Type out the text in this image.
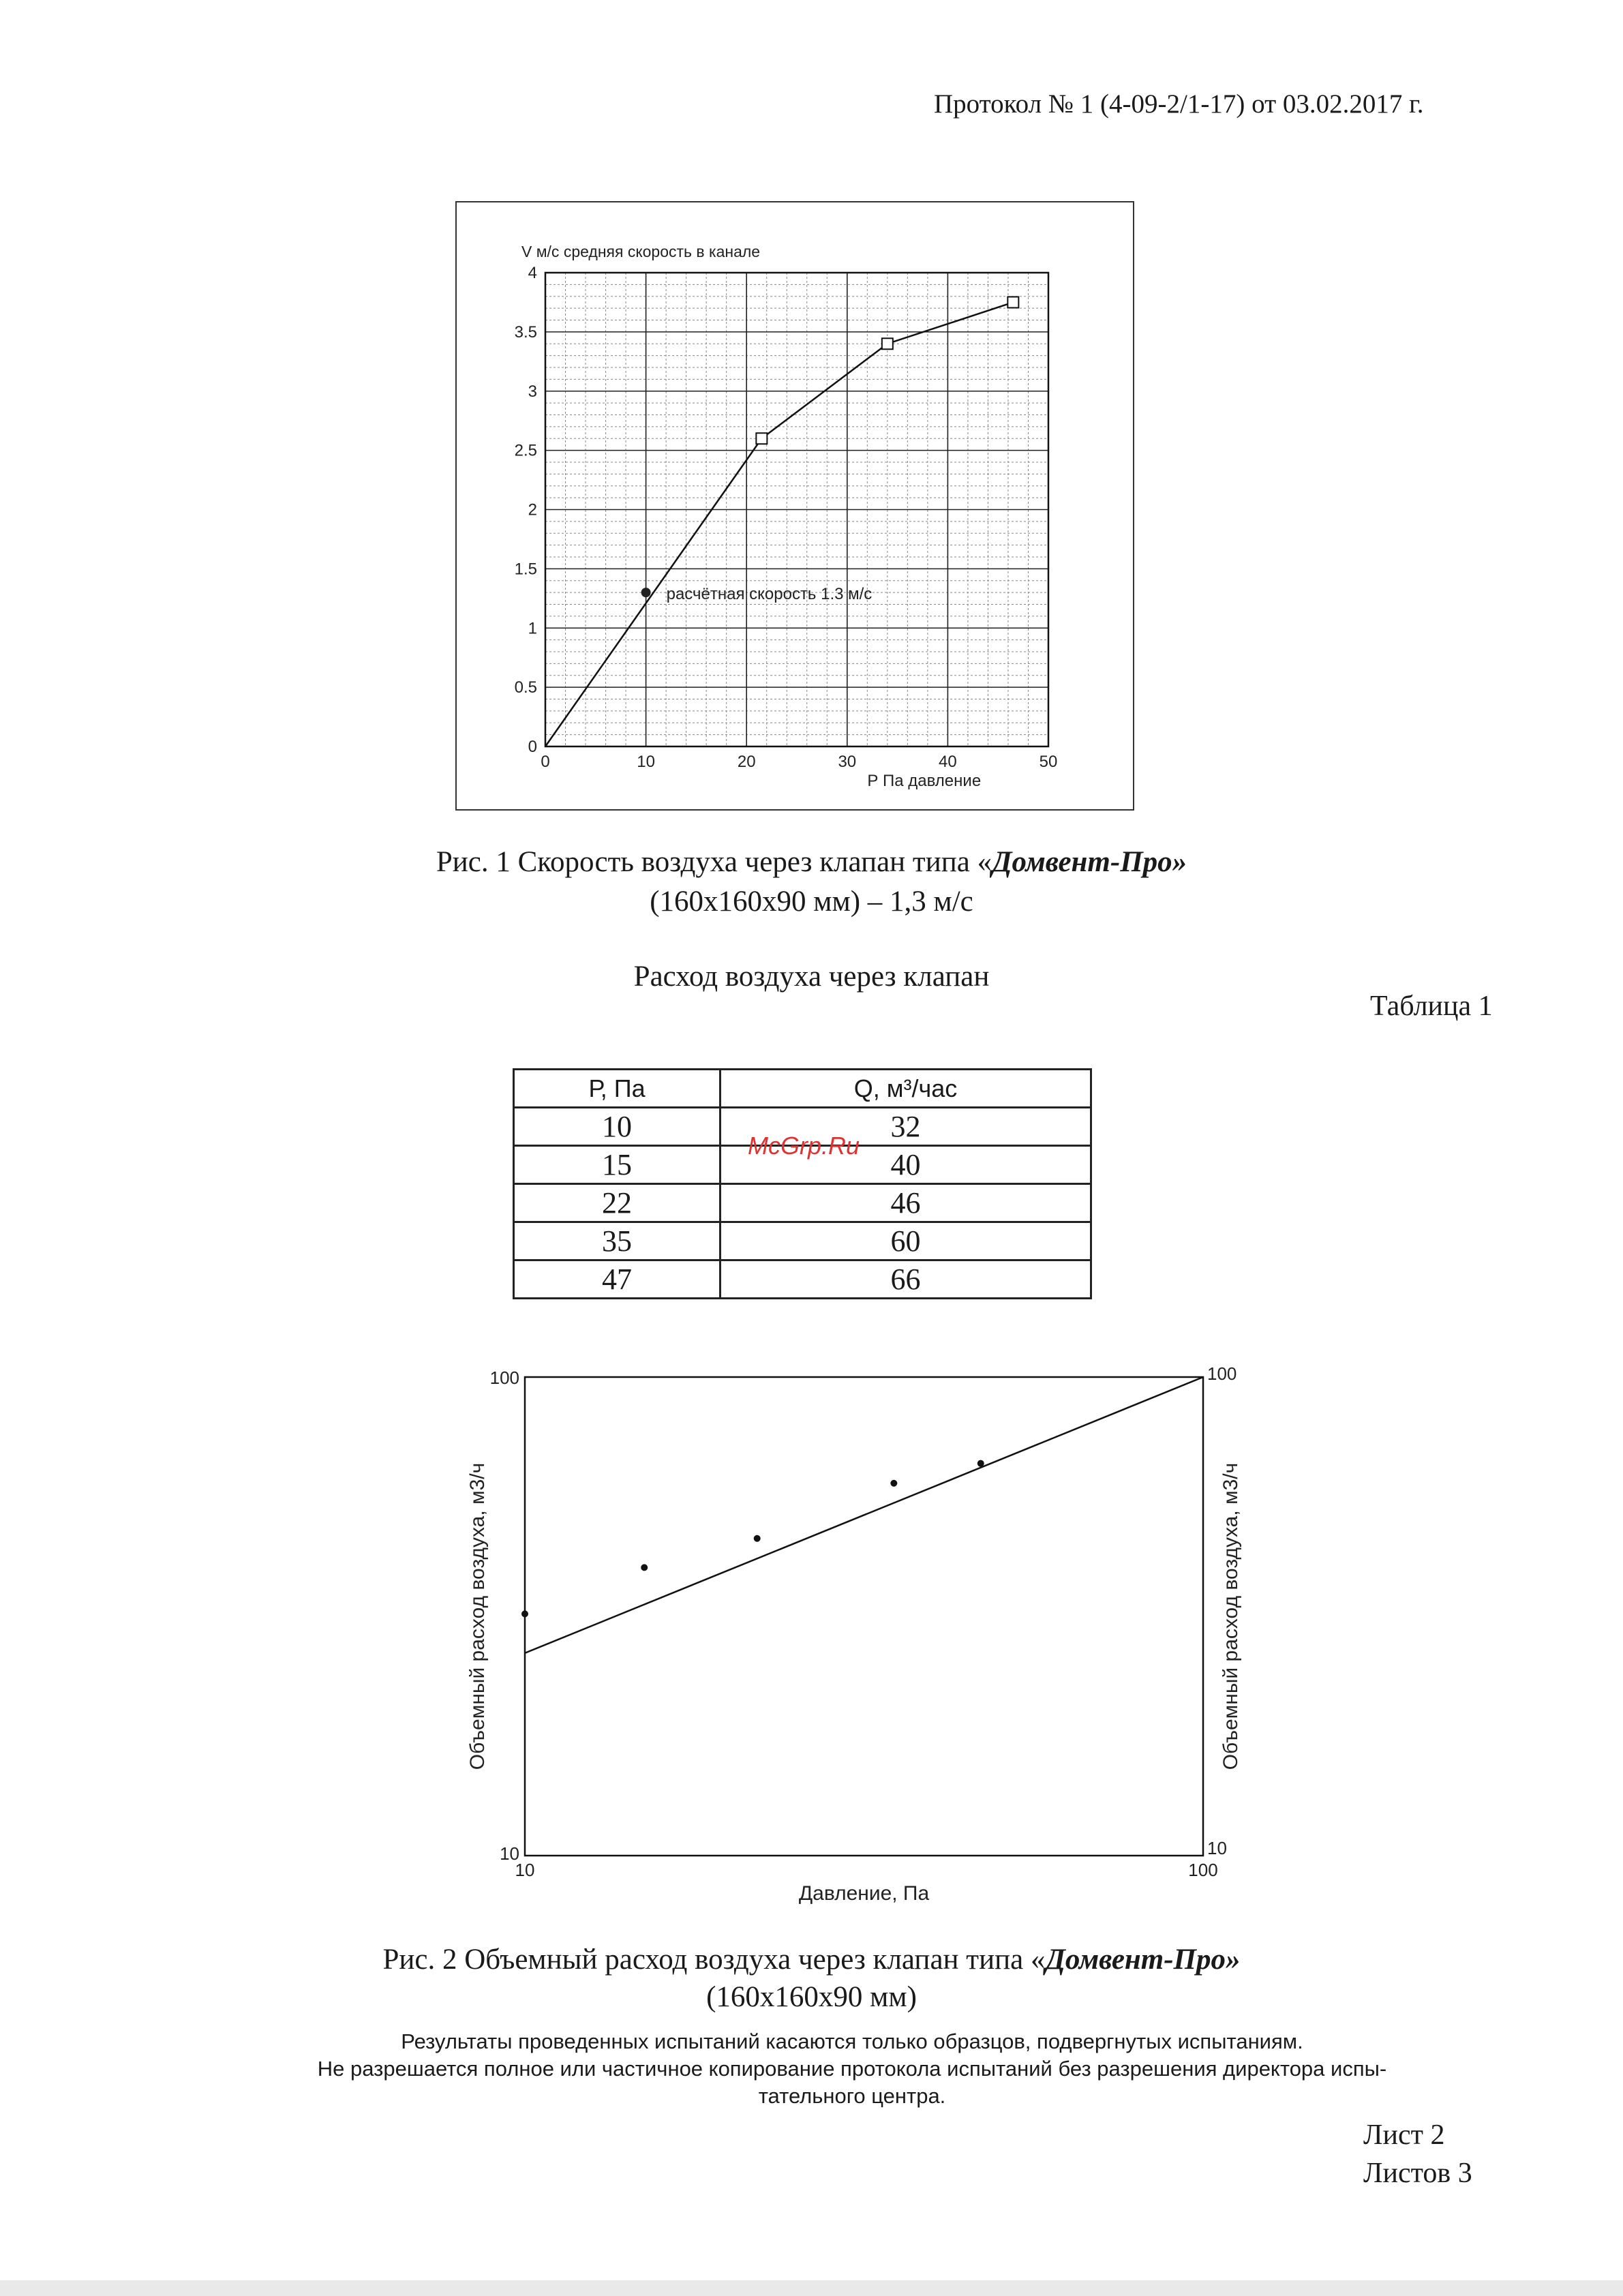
Протокол № 1 (4-09-2/1-17) от 03.02.2017 г.
0	10	20	30	40	50
0
0.5
1
1.5
2
2.5
3
3.5
4
V м/с средняя скорость в канале
Р Па давление
расчётная скорость 1.3 м/с
Рис. 1 Скорость воздуха через клапан типа «Домвент-Про»
(160x160x90 мм) – 1,3 м/с
Расход воздуха через клапан
Таблица 1
Р, Па	Q, м³/час
10	32
15	40
22	46
35	60
47	66
McGrp.Ru
10	100
10
100
10
100
Давление, Па
Объемный расход воздуха, м3/ч	Объемный расход воздуха, м3/ч
Рис. 2 Объемный расход воздуха через клапан типа «Домвент-Про»
(160x160x90 мм)
Результаты проведенных испытаний касаются только образцов, подвергнутых испытаниям.
Не разрешается полное или частичное копирование протокола испытаний без разрешения директора испы-
тательного центра.
Лист 2
Листов 3
